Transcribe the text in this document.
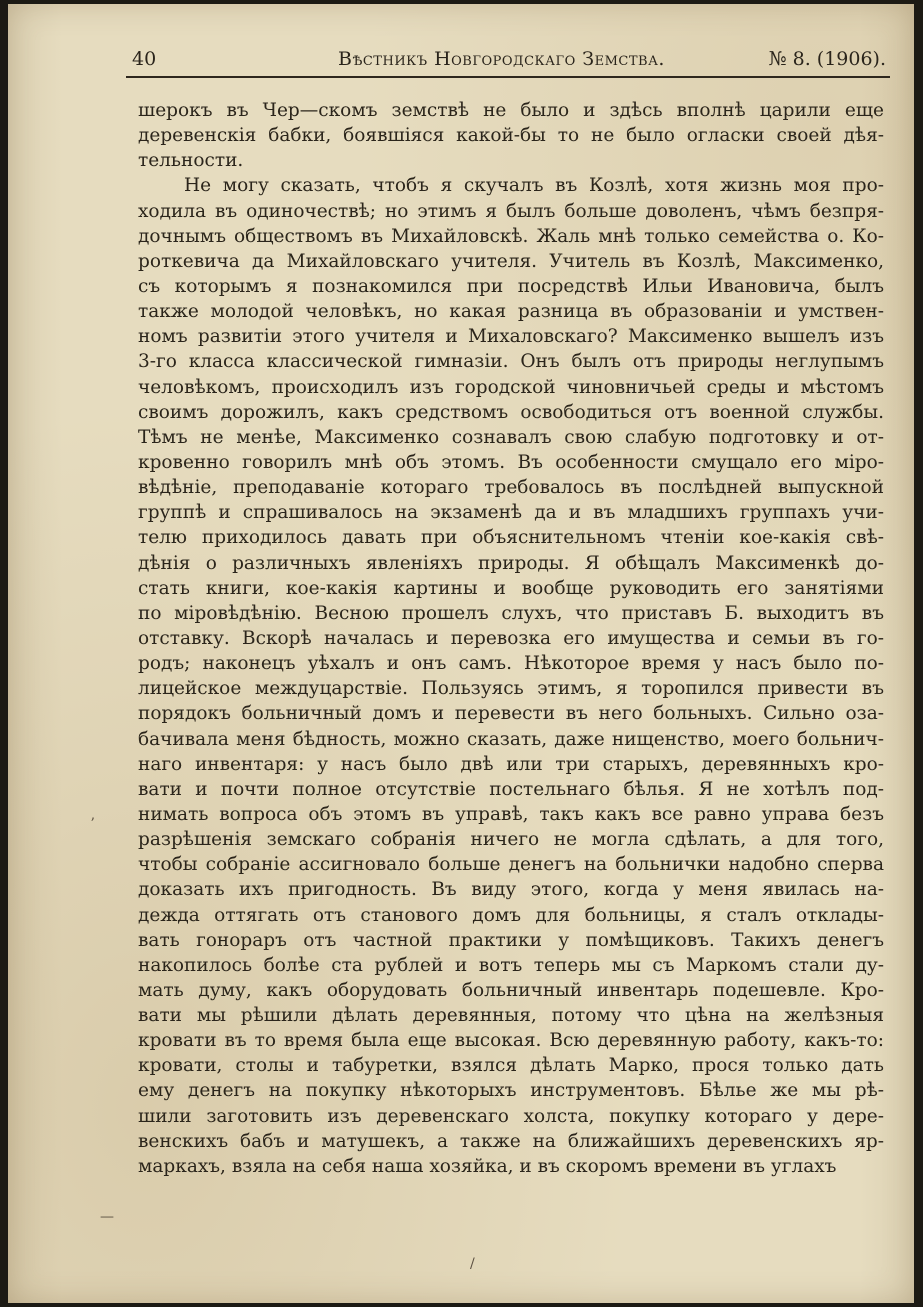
40	Вѣстникъ Новгородскаго Земства.	№ 8. (1906).
шерокъ въ Чер—скомъ земствѣ не было и здѣсь вполнѣ царили еще
деревенскія бабки, боявшіяся какой-бы то не было огласки своей дѣя-
тельности.
Не могу сказать, чтобъ я скучалъ въ Козлѣ, хотя жизнь моя про-
ходила въ одиночествѣ; но этимъ я былъ больше доволенъ, чѣмъ безпря-
дочнымъ обществомъ въ Михайловскѣ. Жаль мнѣ только семейства о. Ко-
роткевича да Михайловскаго учителя. Учитель въ Козлѣ, Максименко,
съ которымъ я познакомился при посредствѣ Ильи Ивановича, былъ
также молодой человѣкъ, но какая разница въ образованіи и умствен-
номъ развитіи этого учителя и Михаловскаго? Максименко вышелъ изъ
3-го класса классической гимназіи. Онъ былъ отъ природы неглупымъ
человѣкомъ, происходилъ изъ городской чиновничьей среды и мѣстомъ
своимъ дорожилъ, какъ средствомъ освободиться отъ военной службы.
Тѣмъ не менѣе, Максименко сознавалъ свою слабую подготовку и от-
кровенно говорилъ мнѣ объ этомъ. Въ особенности смущало его міро-
вѣдѣніе, преподаваніе котораго требовалось въ послѣдней выпускной
группѣ и спрашивалось на экзаменѣ да и въ младшихъ группахъ учи-
телю приходилось давать при объяснительномъ чтеніи кое-какія свѣ-
дѣнія о различныхъ явленіяхъ природы. Я обѣщалъ Максименкѣ до-
стать книги, кое-какія картины и вообще руководить его занятіями
по міровѣдѣнію. Весною прошелъ слухъ, что приставъ Б. выходитъ въ
отставку. Вскорѣ началась и перевозка его имущества и семьи въ го-
родъ; наконецъ уѣхалъ и онъ самъ. Нѣкоторое время у насъ было по-
лицейское междуцарствіе. Пользуясь этимъ, я торопился привести въ
порядокъ больничный домъ и перевести въ него больныхъ. Сильно оза-
бачивала меня бѣдность, можно сказать, даже нищенство, моего больнич-
наго инвентаря: у насъ было двѣ или три старыхъ, деревянныхъ кро-
вати и почти полное отсутствіе постельнаго бѣлья. Я не хотѣлъ под-
нимать вопроса объ этомъ въ управѣ, такъ какъ все равно управа безъ
разрѣшенія земскаго собранія ничего не могла сдѣлать, а для того,
чтобы собраніе ассигновало больше денегъ на больнички надобно сперва
доказать ихъ пригодность. Въ виду этого, когда у меня явилась на-
дежда оттягать отъ станового домъ для больницы, я сталъ отклады-
вать гонораръ отъ частной практики у помѣщиковъ. Такихъ денегъ
накопилось болѣе ста рублей и вотъ теперь мы съ Маркомъ стали ду-
мать думу, какъ оборудовать больничный инвентарь подешевле. Кро-
вати мы рѣшили дѣлать деревянныя, потому что цѣна на желѣзныя
кровати въ то время была еще высокая. Всю деревянную работу, какъ-то:
кровати, столы и табуретки, взялся дѣлать Марко, прося только дать
ему денегъ на покупку нѣкоторыхъ инструментовъ. Бѣлье же мы рѣ-
шили заготовить изъ деревенскаго холста, покупку котораго у дере-
венскихъ бабъ и матушекъ, а также на ближайшихъ деревенскихъ яр-
маркахъ, взяла на себя наша хозяйка, и въ скоромъ времени въ углахъ
ʼ
—
/
